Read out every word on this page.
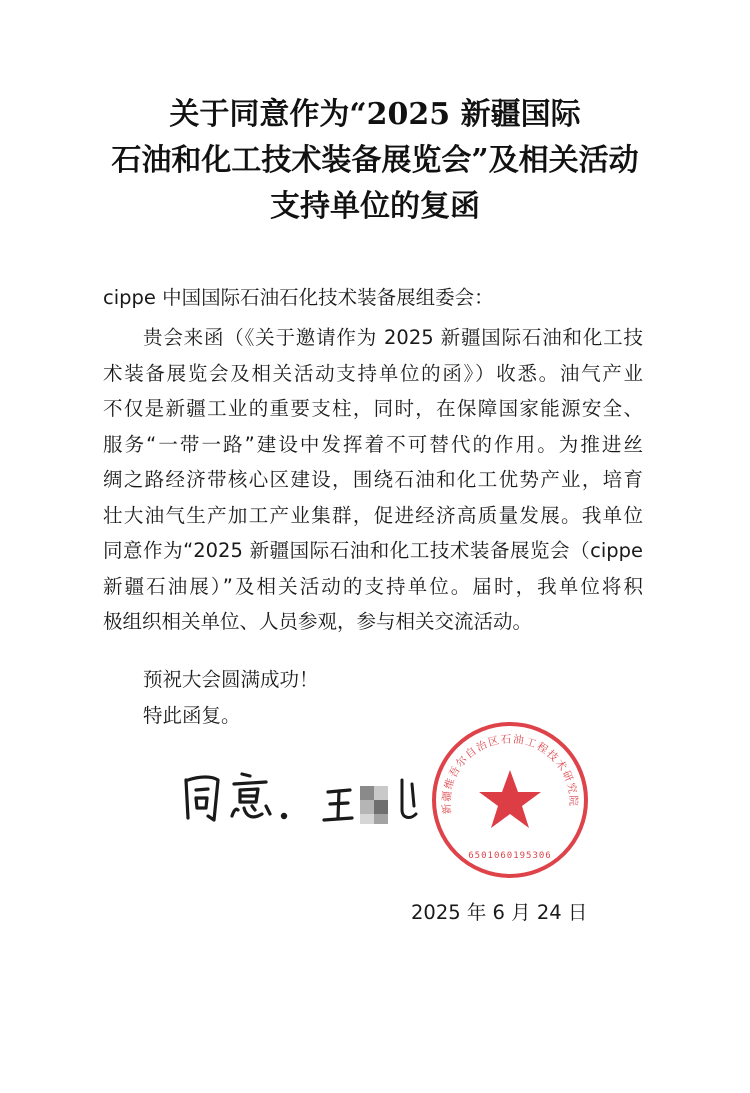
关于同意作为“2025 新疆国际
石油和化工技术装备展览会”及相关活动
支持单位的复函

cippe 中国国际石油石化技术装备展组委会：

贵会来函（《关于邀请作为 2025 新疆国际石油和化工技
术装备展览会及相关活动支持单位的函》）收悉。油气产业
不仅是新疆工业的重要支柱，同时，在保障国家能源安全、
服务“一带一路”建设中发挥着不可替代的作用。为推进丝
绸之路经济带核心区建设，围绕石油和化工优势产业，培育
壮大油气生产加工产业集群，促进经济高质量发展。我单位
同意作为“2025 新疆国际石油和化工技术装备展览会（cippe
新疆石油展）”及相关活动的支持单位。届时，我单位将积
极组织相关单位、人员参观，参与相关交流活动。
预祝大会圆满成功！
特此函复。
新疆维吾尔自治区石油工程技术研究院
6501060195306

2025 年 6 月 24 日
